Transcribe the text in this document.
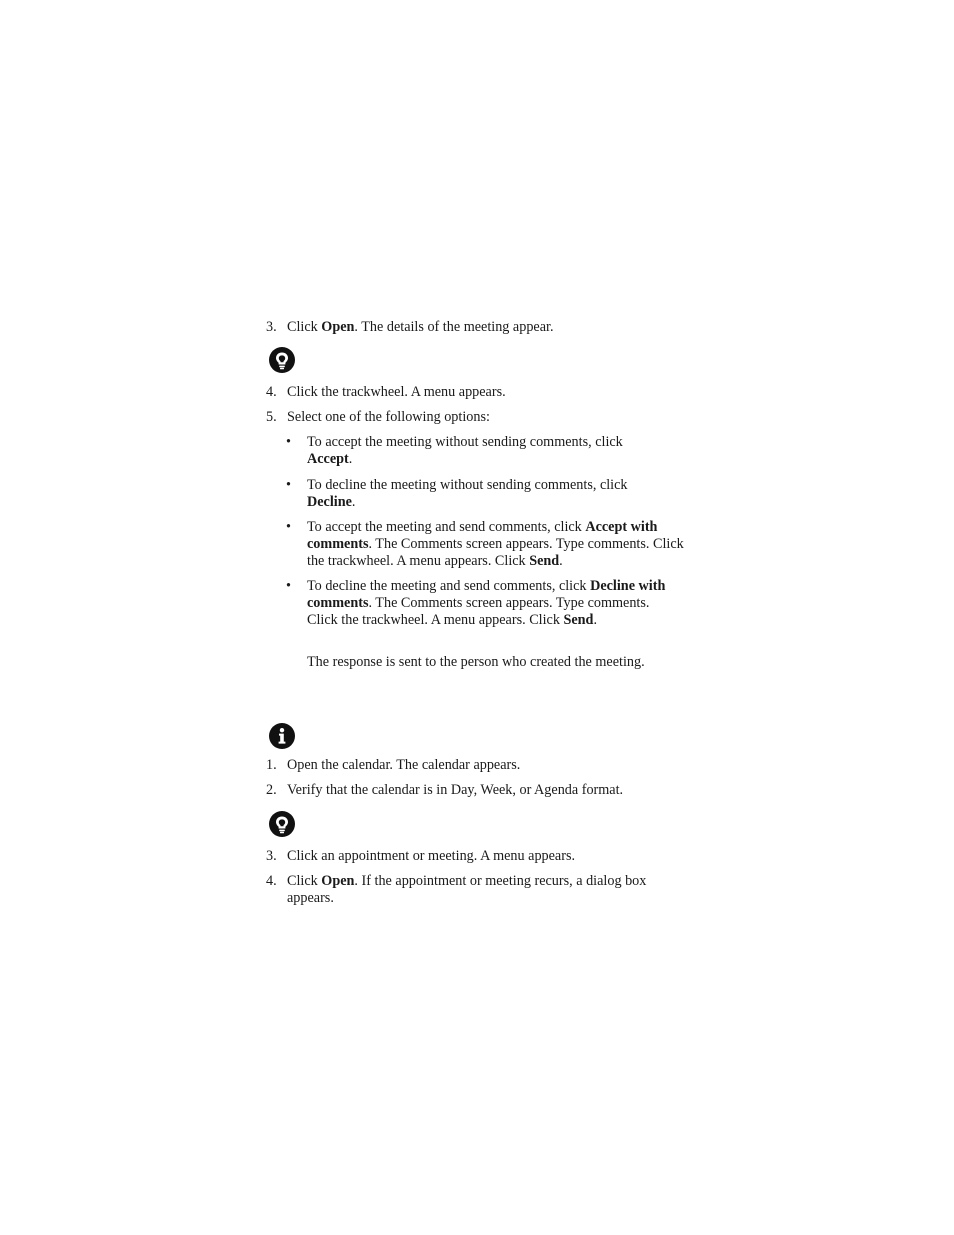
3. Click Open. The details of the meeting appear.
4. Click the trackwheel. A menu appears.
5. Select one of the following options:
• To accept the meeting without sending comments, click Accept.
• To decline the meeting without sending comments, click Decline.
• To accept the meeting and send comments, click Accept with comments. The Comments screen appears. Type comments. Click the trackwheel. A menu appears. Click Send.
• To decline the meeting and send comments, click Decline with comments. The Comments screen appears. Type comments. Click the trackwheel. A menu appears. Click Send.
The response is sent to the person who created the meeting.
1. Open the calendar. The calendar appears.
2. Verify that the calendar is in Day, Week, or Agenda format.
3. Click an appointment or meeting. A menu appears.
4. Click Open. If the appointment or meeting recurs, a dialog box appears.
